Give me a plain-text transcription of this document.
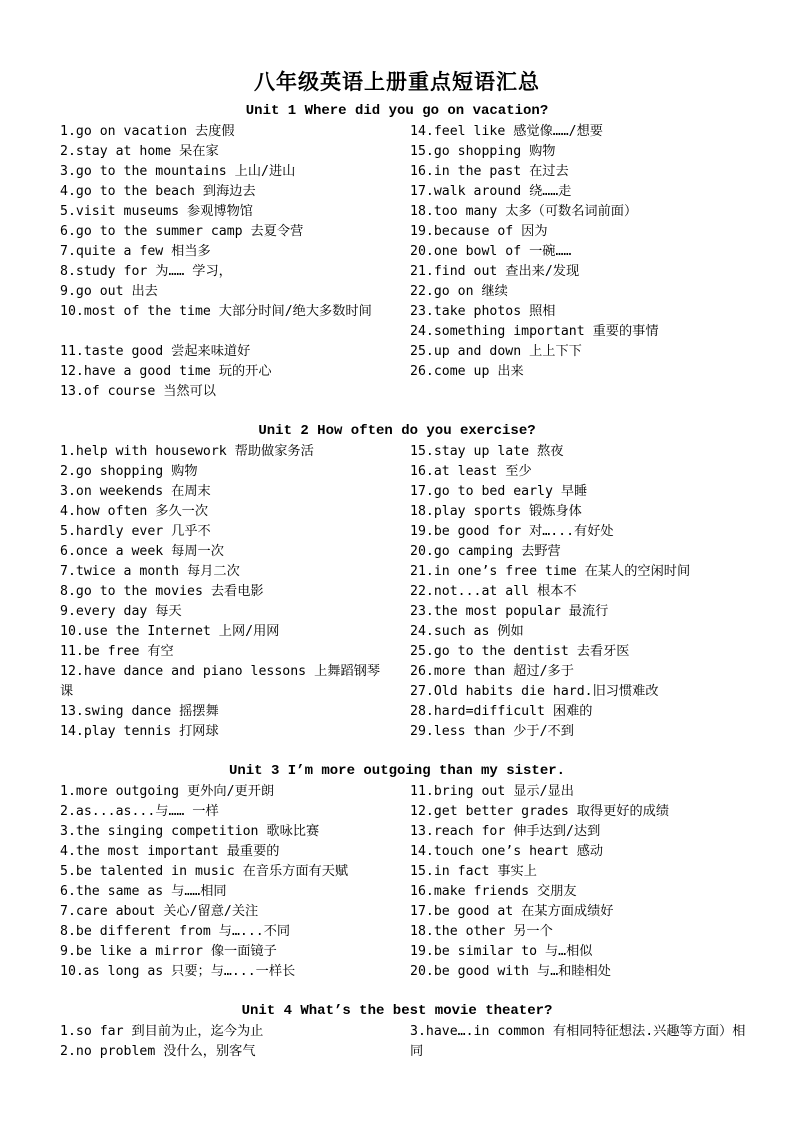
八年级英语上册重点短语汇总
Unit 1 Where did you go on vacation?
1.go on vacation 去度假
2.stay at home 呆在家
3.go to the mountains 上山/进山
4.go to the beach 到海边去
5.visit museums 参观博物馆
6.go to the summer camp 去夏令营
7.quite a few 相当多
8.study for 为…… 学习，
9.go out 出去
10.most of the time 大部分时间/绝大多数时间
11.taste good 尝起来味道好
12.have a good time 玩的开心
13.of course 当然可以
14.feel like 感觉像……/想要
15.go shopping 购物
16.in the past 在过去
17.walk around 绕……走
18.too many 太多（可数名词前面）
19.because of 因为
20.one bowl of 一碗……
21.find out 查出来/发现
22.go on 继续
23.take photos 照相
24.something important 重要的事情
25.up and down 上上下下
26.come up 出来
Unit 2 How often do you exercise?
1.help with housework 帮助做家务活
2.go shopping 购物
3.on weekends 在周末
4.how often 多久一次
5.hardly ever 几乎不
6.once a week 每周一次
7.twice a month 每月二次
8.go to the movies 去看电影
9.every day 每天
10.use the Internet 上网/用网
11.be free 有空
12.have dance and piano lessons 上舞蹈钢琴课
13.swing dance 摇摆舞
14.play tennis 打网球
15.stay up late 熬夜
16.at least 至少
17.go to bed early 早睡
18.play sports 锻炼身体
19.be good for 对…...有好处
20.go camping 去野营
21.in one’s free time 在某人的空闲时间
22.not...at all 根本不
23.the most popular 最流行
24.such as 例如
25.go to the dentist 去看牙医
26.more than 超过/多于
27.Old habits die hard.旧习惯难改
28.hard=difficult 困难的
29.less than 少于/不到
Unit 3 I’m more outgoing than my sister.
1.more outgoing 更外向/更开朗
2.as...as...与…… 一样
3.the singing competition 歌咏比赛
4.the most important 最重要的
5.be talented in music 在音乐方面有天赋
6.the same as 与……相同
7.care about 关心/留意/关注
8.be different from 与…...不同
9.be like a mirror 像一面镜子
10.as long as 只要；与…...一样长
11.bring out 显示/显出
12.get better grades 取得更好的成绩
13.reach for 伸手达到/达到
14.touch one’s heart 感动
15.in fact 事实上
16.make friends 交朋友
17.be good at 在某方面成绩好
18.the other 另一个
19.be similar to 与…相似
20.be good with 与…和睦相处
Unit 4 What’s the best movie theater?
1.so far 到目前为止，迄今为止
2.no problem 没什么，别客气
3.have….in common 有相同特征想法.兴趣等方面）相同
